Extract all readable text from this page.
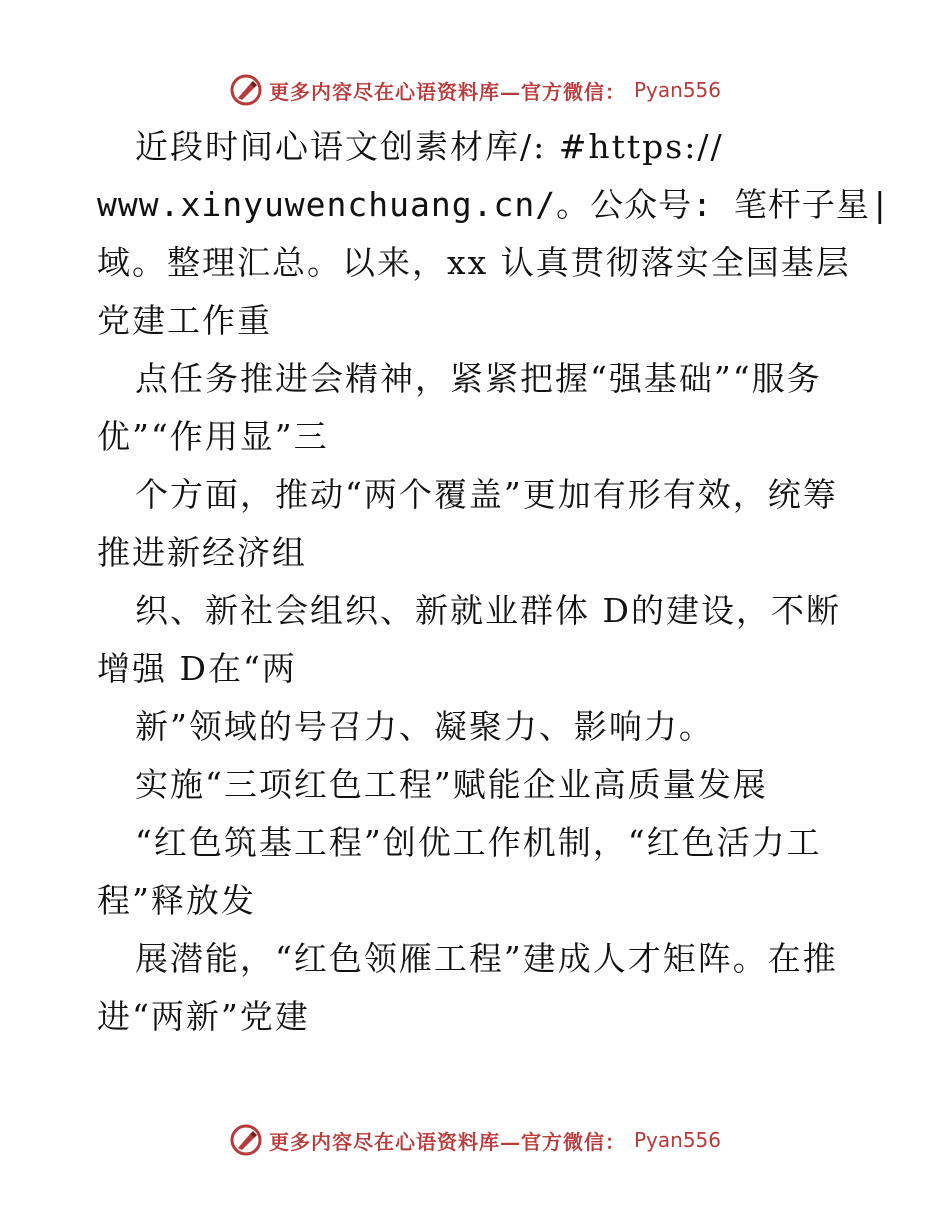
更多内容尽在心语资料库—官方微信： Pyan556
近段时间心语文创素材库/: #https://
www.xinyuwenchuang.cn/。公众号: 笔杆子星|
域。整理汇总。以来，xx 认真贯彻落实全国基层
党建工作重
点任务推进会精神，紧紧把握“强基础”“服务
优”“作用显”三
个方面，推动“两个覆盖”更加有形有效，统筹
推进新经济组
织、新社会组织、新就业群体 D的建设，不断
增强 D在“两
新”领域的号召力、凝聚力、影响力。
实施“三项红色工程”赋能企业高质量发展
“红色筑基工程”创优工作机制，“红色活力工
程”释放发
展潜能，“红色领雁工程”建成人才矩阵。在推
进“两新”党建
更多内容尽在心语资料库—官方微信： Pyan556
